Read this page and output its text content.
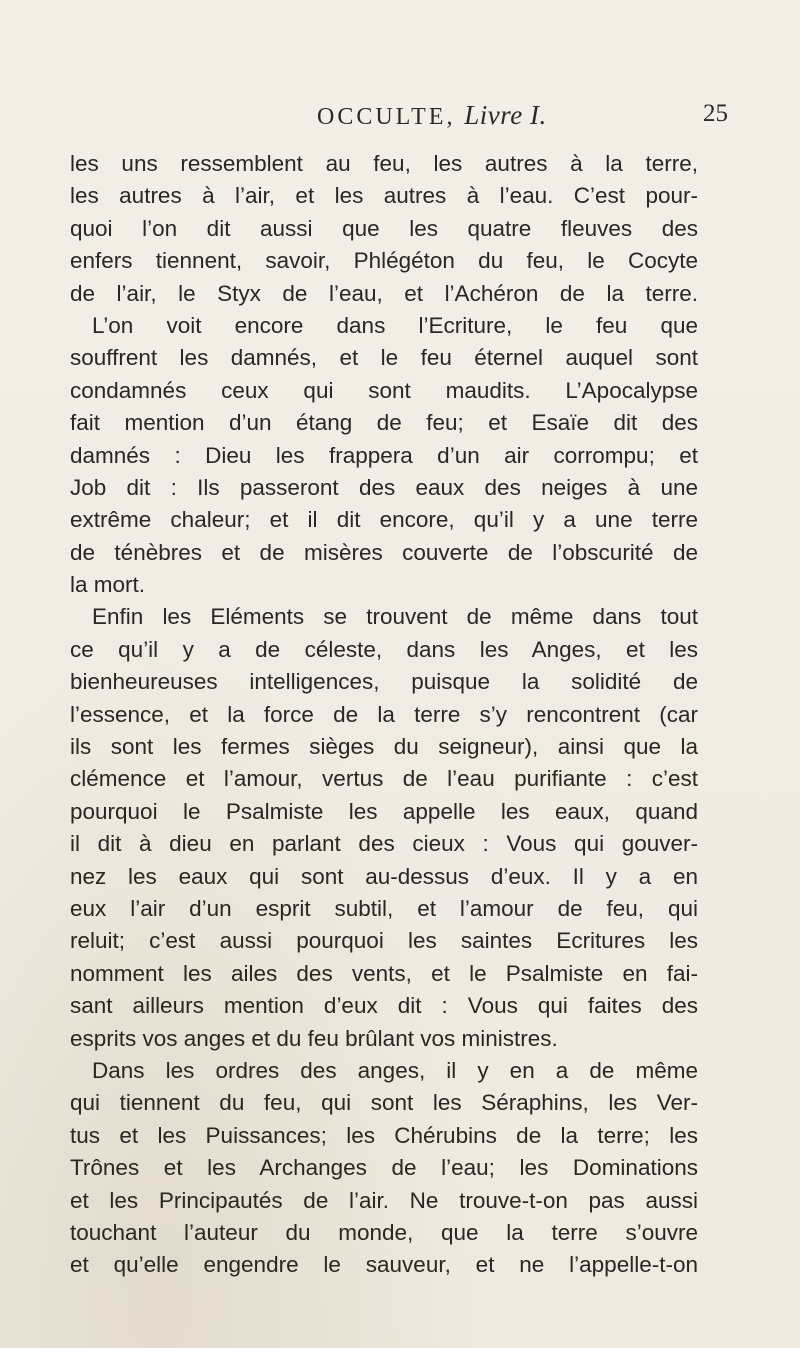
OCCULTE, Livre I.	25
les uns ressemblent au feu, les autres à la terre,
les autres à l’air, et les autres à l’eau. C’est pour-
quoi l’on dit aussi que les quatre fleuves des
enfers tiennent, savoir, Phlégéton du feu, le Cocyte
de l’air, le Styx de l’eau, et l’Achéron de la terre.
L’on voit encore dans l’Ecriture, le feu que
souffrent les damnés, et le feu éternel auquel sont
condamnés ceux qui sont maudits. L’Apocalypse
fait mention d’un étang de feu; et Esaïe dit des
damnés : Dieu les frappera d’un air corrompu; et
Job dit : Ils passeront des eaux des neiges à une
extrême chaleur; et il dit encore, qu’il y a une terre
de ténèbres et de misères couverte de l’obscurité de
la mort.
Enfin les Eléments se trouvent de même dans tout
ce qu’il y a de céleste, dans les Anges, et les
bienheureuses intelligences, puisque la solidité de
l’essence, et la force de la terre s’y rencontrent (car
ils sont les fermes sièges du seigneur), ainsi que la
clémence et l’amour, vertus de l’eau purifiante : c’est
pourquoi le Psalmiste les appelle les eaux, quand
il dit à dieu en parlant des cieux : Vous qui gouver-
nez les eaux qui sont au-dessus d’eux. Il y a en
eux l’air d’un esprit subtil, et l’amour de feu, qui
reluit; c’est aussi pourquoi les saintes Ecritures les
nomment les ailes des vents, et le Psalmiste en fai-
sant ailleurs mention d’eux dit : Vous qui faites des
esprits vos anges et du feu brûlant vos ministres.
Dans les ordres des anges, il y en a de même
qui tiennent du feu, qui sont les Séraphins, les Ver-
tus et les Puissances; les Chérubins de la terre; les
Trônes et les Archanges de l’eau; les Dominations
et les Principautés de l’air. Ne trouve-t-on pas aussi
touchant l’auteur du monde, que la terre s’ouvre
et qu’elle engendre le sauveur, et ne l’appelle-t-on
